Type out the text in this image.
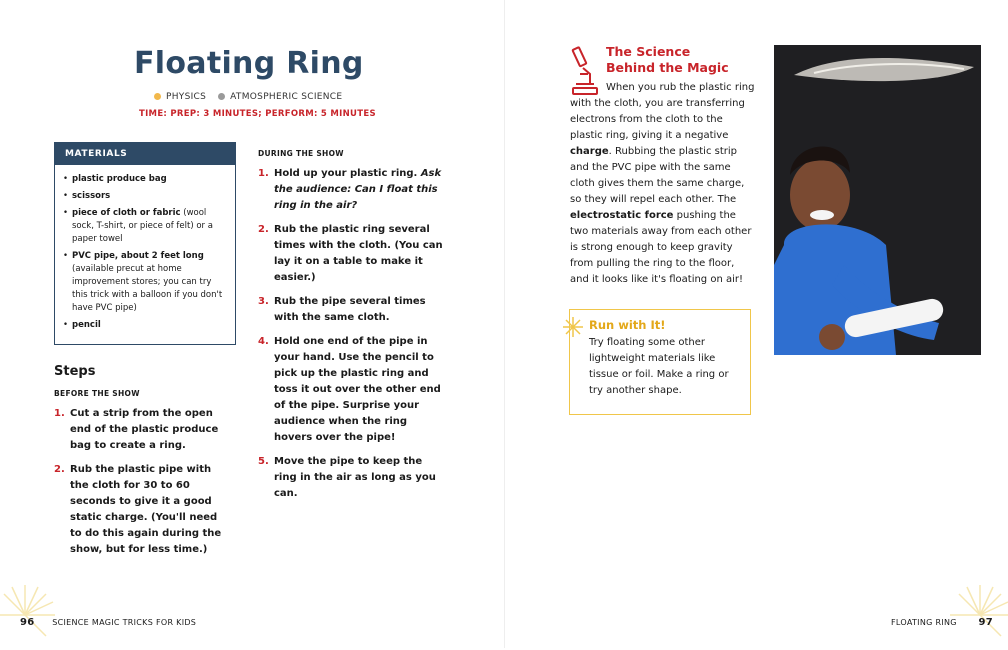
Floating Ring
PHYSICS	ATMOSPHERIC SCIENCE
TIME: PREP: 3 MINUTES; PERFORM: 5 MINUTES
MATERIALS
• plastic produce bag
• scissors
• piece of cloth or fabric (wool sock, T-shirt, or piece of felt) or a paper towel
• PVC pipe, about 2 feet long (available precut at home improvement stores; you can try this trick with a balloon if you don't have PVC pipe)
• pencil
Steps
BEFORE THE SHOW
1. Cut a strip from the open end of the plastic produce bag to create a ring.
2. Rub the plastic pipe with the cloth for 30 to 60 seconds to give it a good static charge. (You'll need to do this again during the show, but for less time.)
DURING THE SHOW
1. Hold up your plastic ring. Ask the audience: Can I float this ring in the air?
2. Rub the plastic ring several times with the cloth. (You can lay it on a table to make it easier.)
3. Rub the pipe several times with the same cloth.
4. Hold one end of the pipe in your hand. Use the pencil to pick up the plastic ring and toss it out over the other end of the pipe. Surprise your audience when the ring hovers over the pipe!
5. Move the pipe to keep the ring in the air as long as you can.
96 SCIENCE MAGIC TRICKS FOR KIDS
The Science
Behind the Magic
When you rub the plastic ring with the cloth, you are transferring electrons from the cloth to the plastic ring, giving it a negative charge. Rubbing the plastic strip and the PVC pipe with the same cloth gives them the same charge, so they will repel each other. The electrostatic force pushing the two materials away from each other is strong enough to keep gravity from pulling the ring to the floor, and it looks like it's floating on air!
Run with It!
Try floating some other lightweight materials like tissue or foil. Make a ring or try another shape.
FLOATING RING 97
